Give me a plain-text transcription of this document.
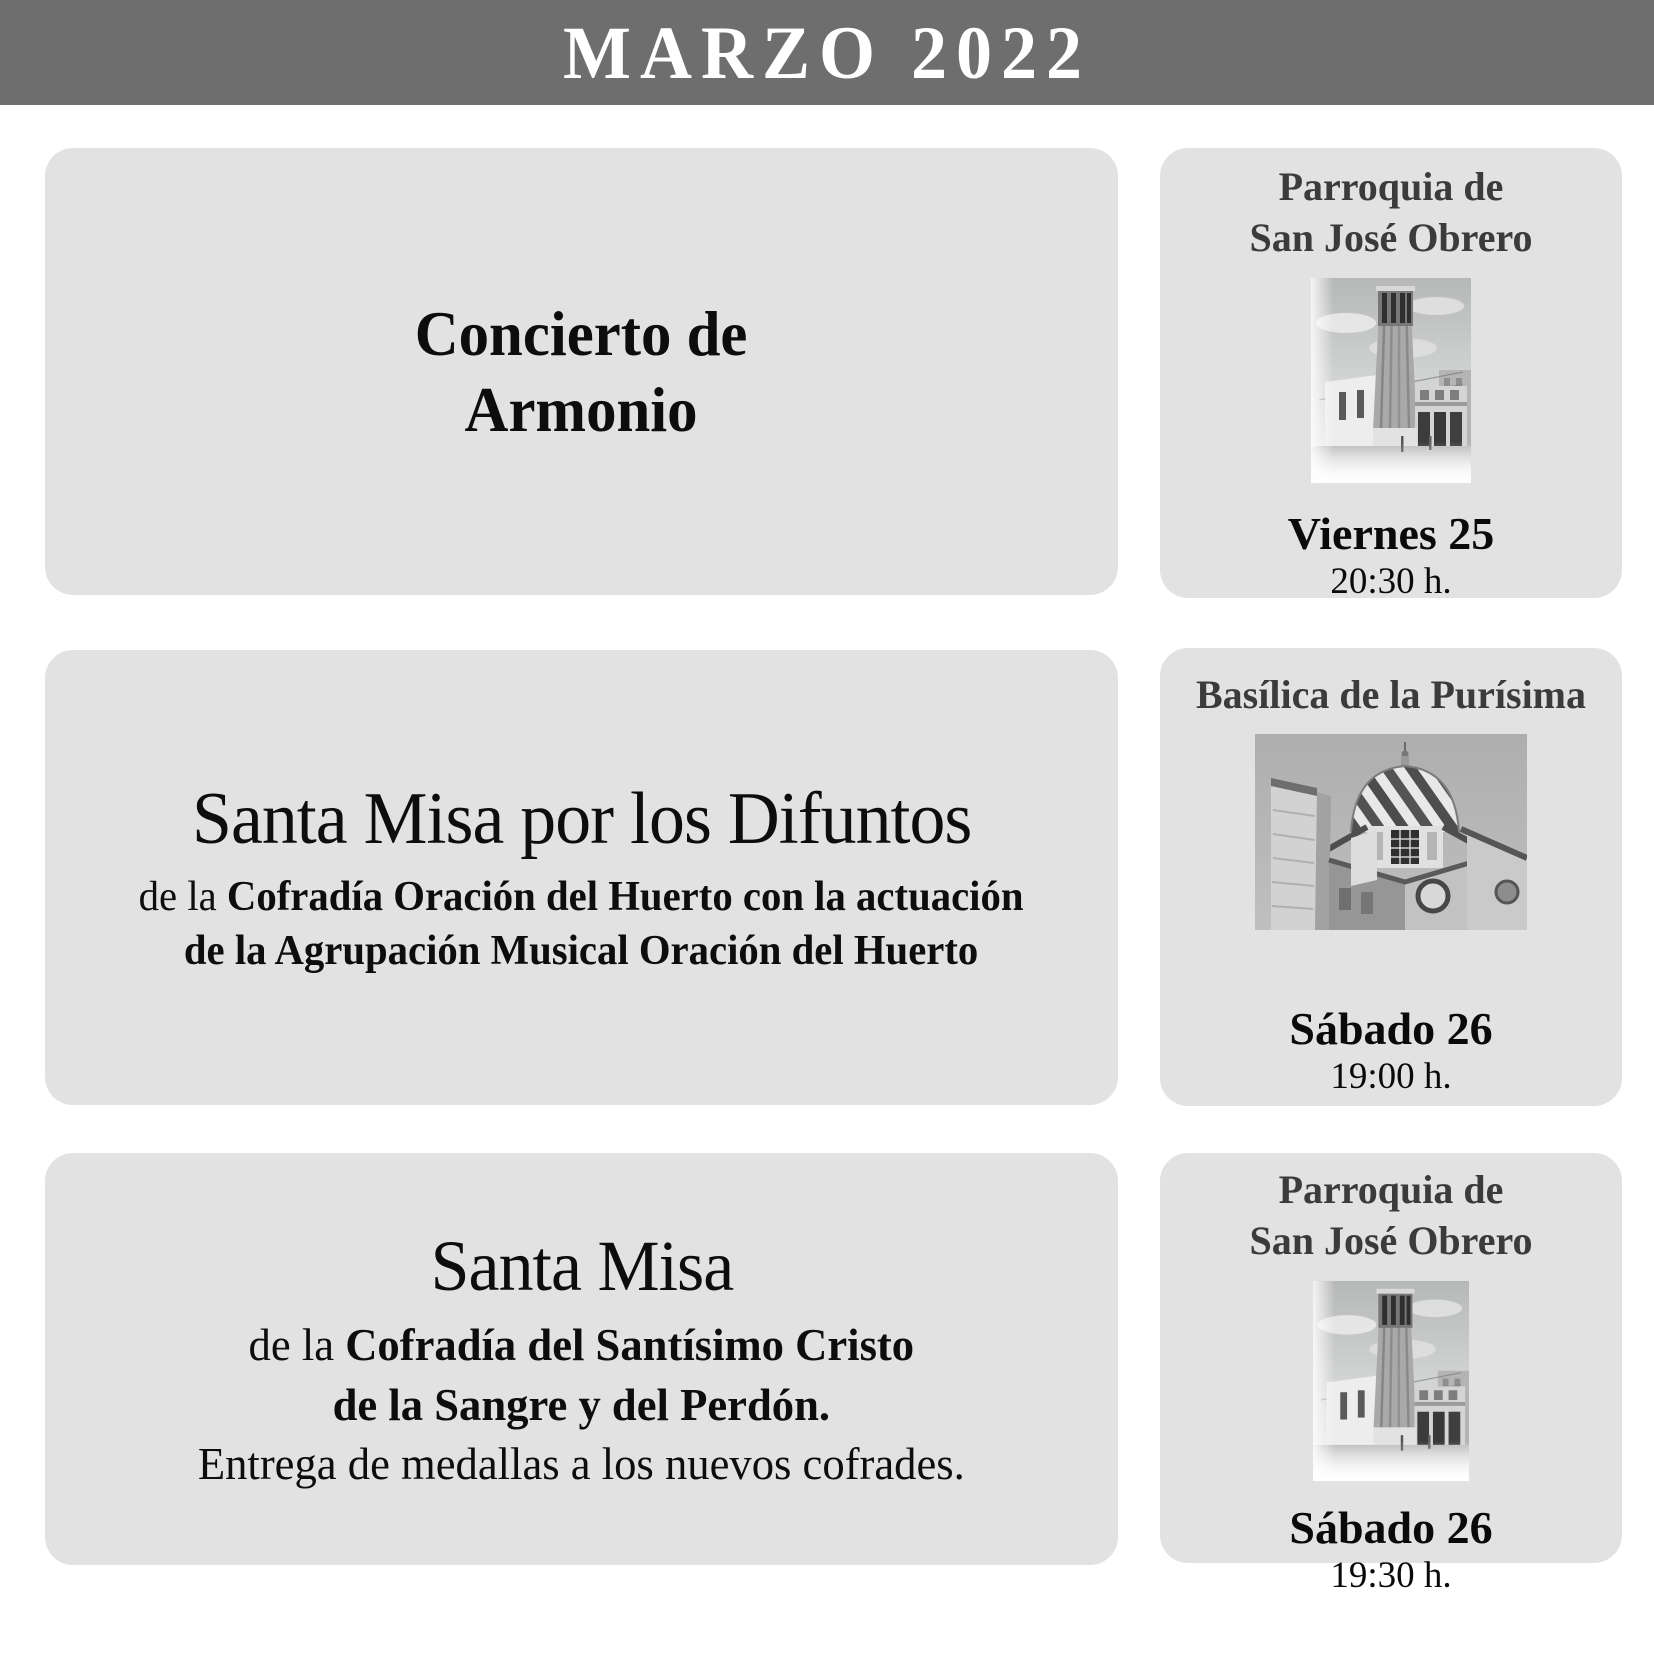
MARZO 2022
Concierto de
Armonio
Parroquia de
San José Obrero
Viernes 25
20:30 h.
Santa Misa por los Difuntos
de la Cofradía Oración del Huerto con la actuación
de la Agrupación Musical Oración del Huerto
Basílica de la Purísima
Sábado 26
19:00 h.
Santa Misa
de la Cofradía del Santísimo Cristo
de la Sangre y del Perdón.
Entrega de medallas a los nuevos cofrades.
Parroquia de
San José Obrero
Sábado 26
19:30 h.
